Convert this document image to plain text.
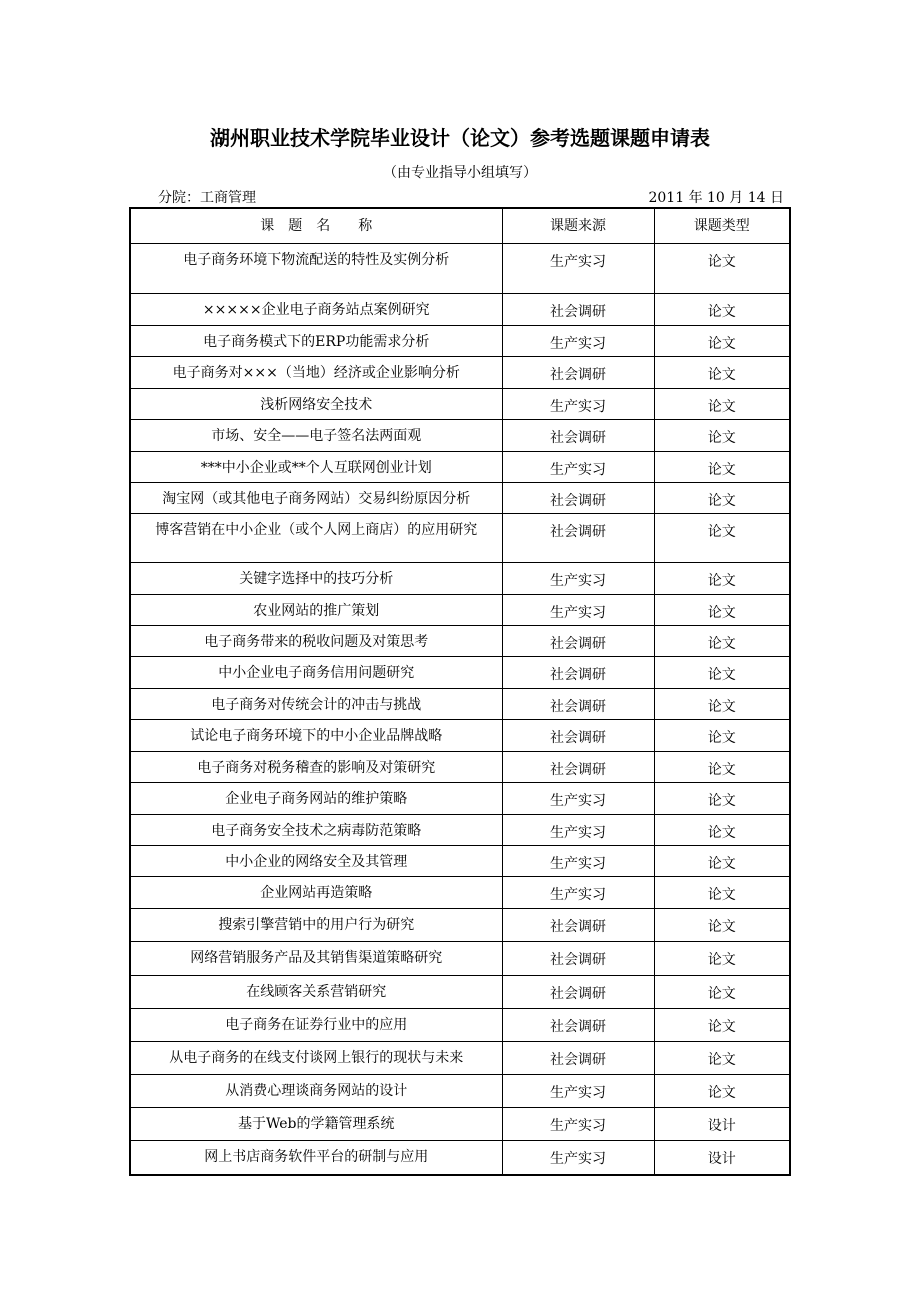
湖州职业技术学院毕业设计（论文）参考选题课题申请表
（由专业指导小组填写）
分院：工商管理	2011 年 10 月 14 日
课　题　名　　称	课题来源	课题类型
电子商务环境下物流配送的特性及实例分析	生产实习	论文
×××××企业电子商务站点案例研究	社会调研	论文
电子商务模式下的ERP功能需求分析	生产实习	论文
电子商务对×××（当地）经济或企业影响分析	社会调研	论文
浅析网络安全技术	生产实习	论文
市场、安全——电子签名法两面观	社会调研	论文
***中小企业或**个人互联网创业计划	生产实习	论文
淘宝网（或其他电子商务网站）交易纠纷原因分析	社会调研	论文
博客营销在中小企业（或个人网上商店）的应用研究	社会调研	论文
关键字选择中的技巧分析	生产实习	论文
农业网站的推广策划	生产实习	论文
电子商务带来的税收问题及对策思考	社会调研	论文
中小企业电子商务信用问题研究	社会调研	论文
电子商务对传统会计的冲击与挑战	社会调研	论文
试论电子商务环境下的中小企业品牌战略	社会调研	论文
电子商务对税务稽查的影响及对策研究	社会调研	论文
企业电子商务网站的维护策略	生产实习	论文
电子商务安全技术之病毒防范策略	生产实习	论文
中小企业的网络安全及其管理	生产实习	论文
企业网站再造策略	生产实习	论文
搜索引擎营销中的用户行为研究	社会调研	论文
网络营销服务产品及其销售渠道策略研究	社会调研	论文
在线顾客关系营销研究	社会调研	论文
电子商务在证券行业中的应用	社会调研	论文
从电子商务的在线支付谈网上银行的现状与未来	社会调研	论文
从消费心理谈商务网站的设计	生产实习	论文
基于Web的学籍管理系统	生产实习	设计
网上书店商务软件平台的研制与应用	生产实习	设计
